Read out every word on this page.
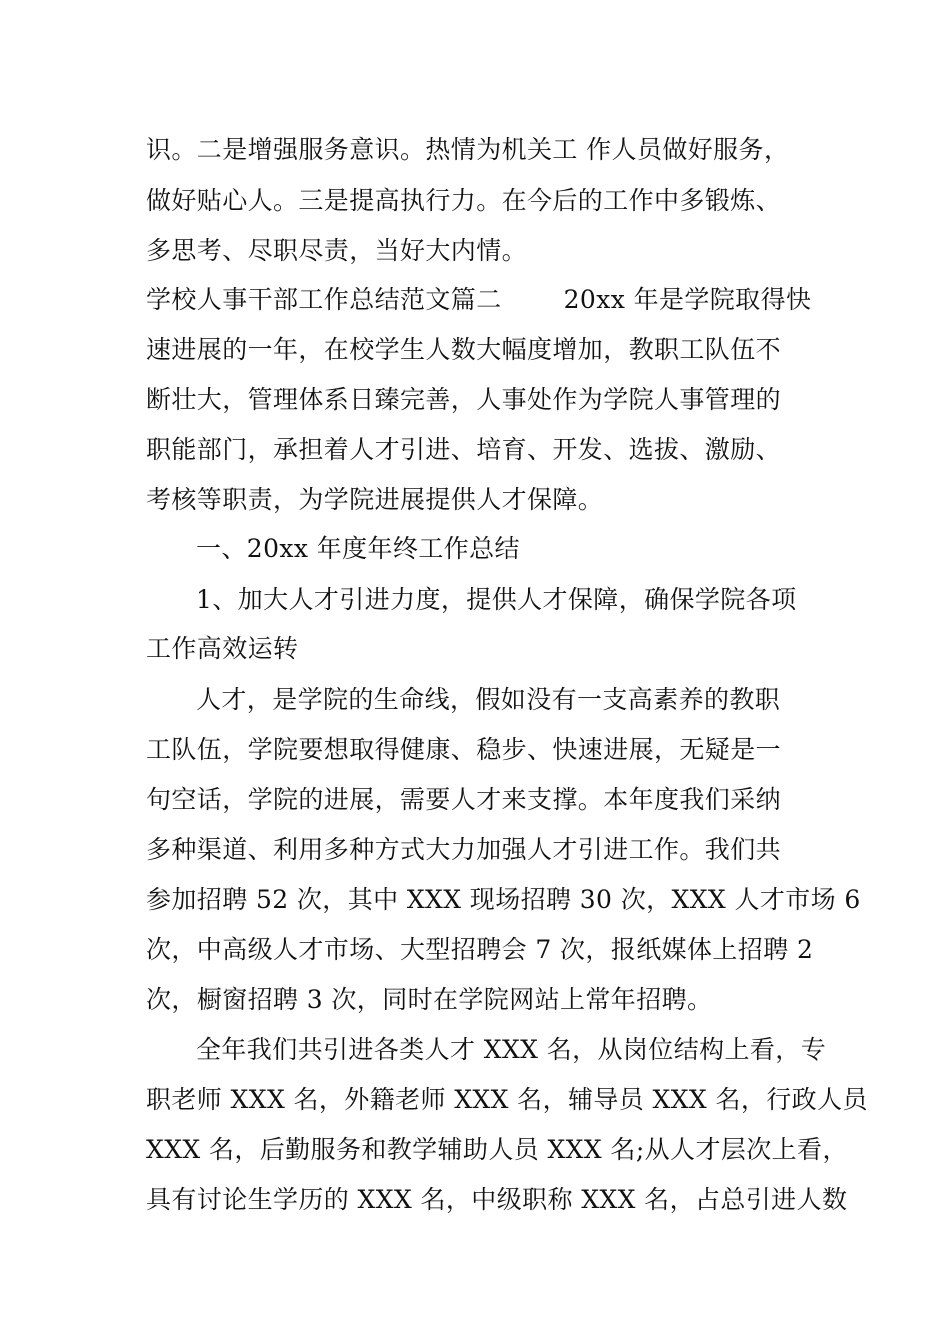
识。二是增强服务意识。热情为机关工 作人员做好服务，
做好贴心人。三是提高执行力。在今后的工作中多锻炼、
多思考、尽职尽责，当好大内情。
学校人事干部工作总结范文篇二 20xx 年是学院取得快
速进展的一年，在校学生人数大幅度增加，教职工队伍不
断壮大，管理体系日臻完善，人事处作为学院人事管理的
职能部门，承担着人才引进、培育、开发、选拔、激励、
考核等职责，为学院进展提供人才保障。
一、20xx 年度年终工作总结
1、加大人才引进力度，提供人才保障，确保学院各项
工作高效运转
人才，是学院的生命线，假如没有一支高素养的教职
工队伍，学院要想取得健康、稳步、快速进展，无疑是一
句空话，学院的进展，需要人才来支撑。本年度我们采纳
多种渠道、利用多种方式大力加强人才引进工作。我们共
参加招聘 52 次，其中 XXX 现场招聘 30 次，XXX 人才市场 6
次，中高级人才市场、大型招聘会 7 次，报纸媒体上招聘 2
次，橱窗招聘 3 次，同时在学院网站上常年招聘。
全年我们共引进各类人才 XXX 名，从岗位结构上看，专
职老师 XXX 名，外籍老师 XXX 名，辅导员 XXX 名，行政人员
XXX 名，后勤服务和教学辅助人员 XXX 名;从人才层次上看，
具有讨论生学历的 XXX 名，中级职称 XXX 名，占总引进人数
